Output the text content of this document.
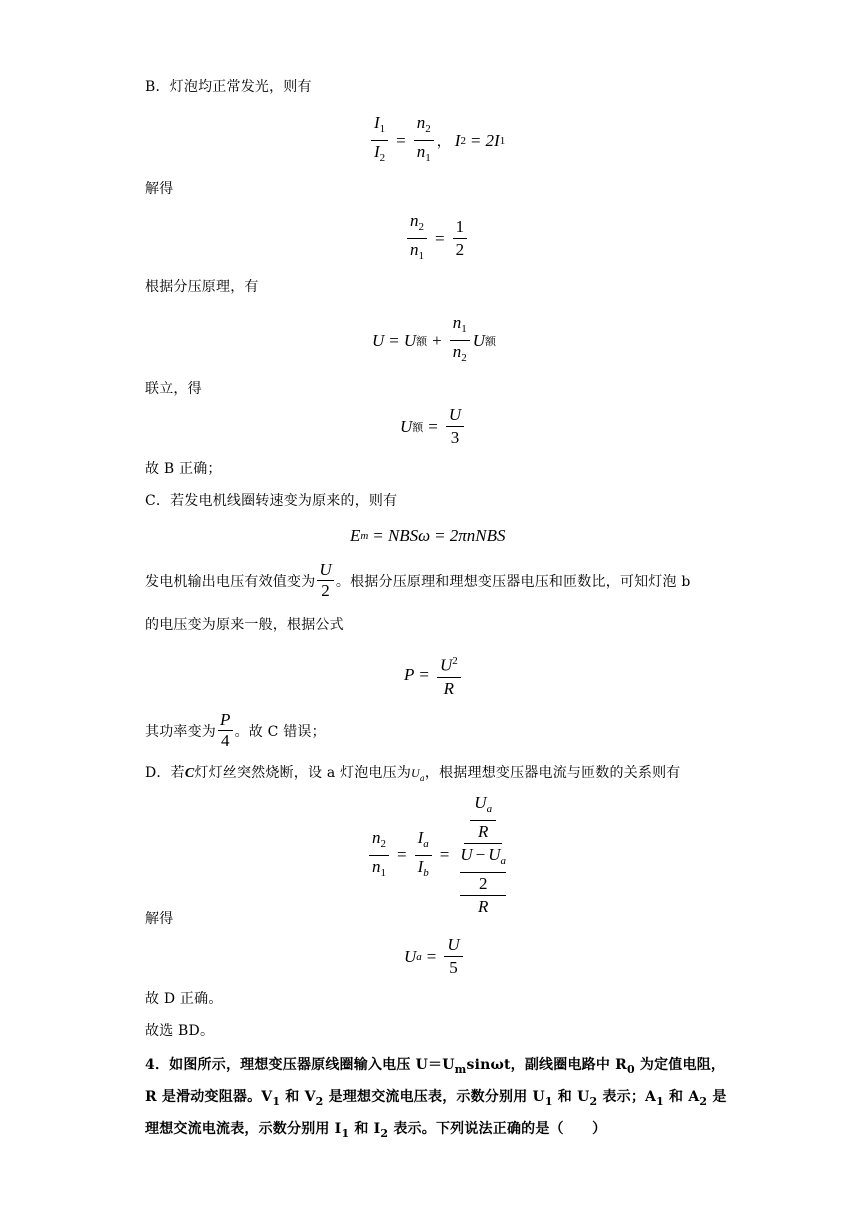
B．灯泡均正常发光，则有
$\frac{I_1}{I_2} = \frac{n_2}{n_1}$ ， I 2 = 2I 1
解得
$\frac{n_2}{n_1} = \frac{1}{2}$
根据分压原理，有
U = U 额 + $\frac{n_1}{n_2}$ U 额
联立，得
U 额 = $\frac{U}{3}$
故 B 正确；
C．若发电机线圈转速变为原来的，则有
E m = NBSω = 2πnNBS
发电机输出电压有效值变为 $\frac{U}{2}$ 。根据分压原理和理想变压器电压和匝数比，可知灯泡 b
的电压变为原来一般，根据公式
$P = \frac{U^2}{R}$
其功率变为 $\frac{P}{4}$ 。故 C 错误；
D．若C灯灯丝突然烧断，设 a 灯泡电压为$U_a$，根据理想变压器电流与匝数的关系则有
$\frac{n_2}{n_1} = \frac{I_a}{I_b} = U_a$
R
$U - U_a$
2
R
解得
U $a = \frac{U}{5}$
故 D 正确。
故选 BD。
4．如图所示，理想变压器原线圈输入电压 $U=U_m\sin\omega t$，副线圈电路中 $R_0$ 为定值电阻，
R 是滑动变阻器。$V_1$ 和 $V_2$ 是理想交流电压表，示数分别用 $U_1$ 和 $U_2$ 表示；$A_1$ 和 $A_2$ 是
理想交流电流表，示数分别用 $I_1$ 和 $I_2$ 表示。下列说法正确的是（　　）
